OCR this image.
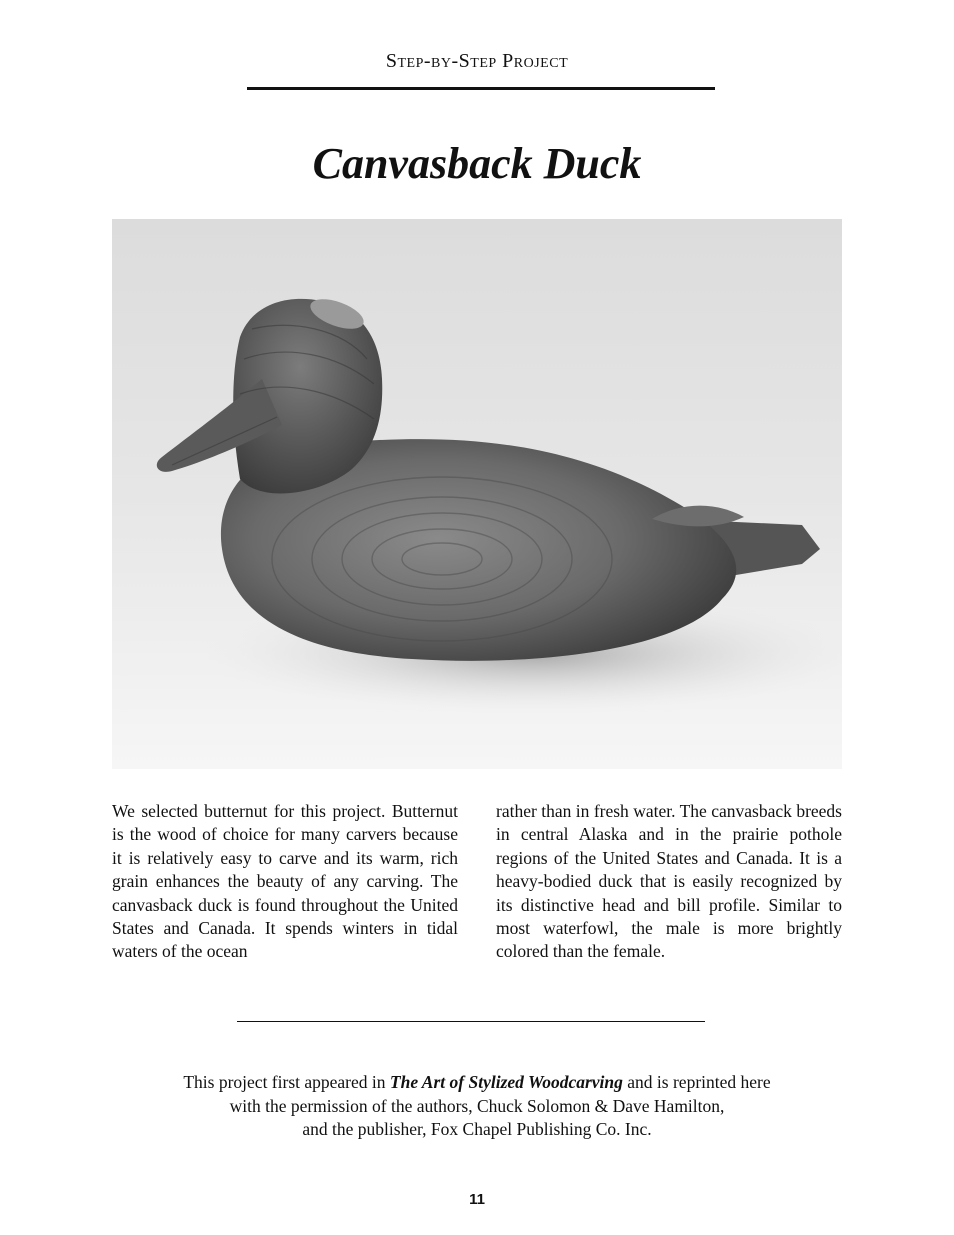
Step-by-Step Project
Canvasback Duck

We selected butternut for this project. Butternut is the wood of choice for many carvers because it is relatively easy to carve and its warm, rich grain enhances the beauty of any carving. The canvasback duck is found throughout the United States and Canada. It spends winters in tidal waters of the ocean

rather than in fresh water. The canvasback breeds in central Alaska and in the prairie pothole regions of the United States and Canada. It is a heavy-bodied duck that is easily recognized by its distinctive head and bill profile. Similar to most waterfowl, the male is more brightly colored than the female.

This project first appeared in The Art of Stylized Woodcarving and is reprinted here
with the permission of the authors, Chuck Solomon & Dave Hamilton,
and the publisher, Fox Chapel Publishing Co. Inc.
11
